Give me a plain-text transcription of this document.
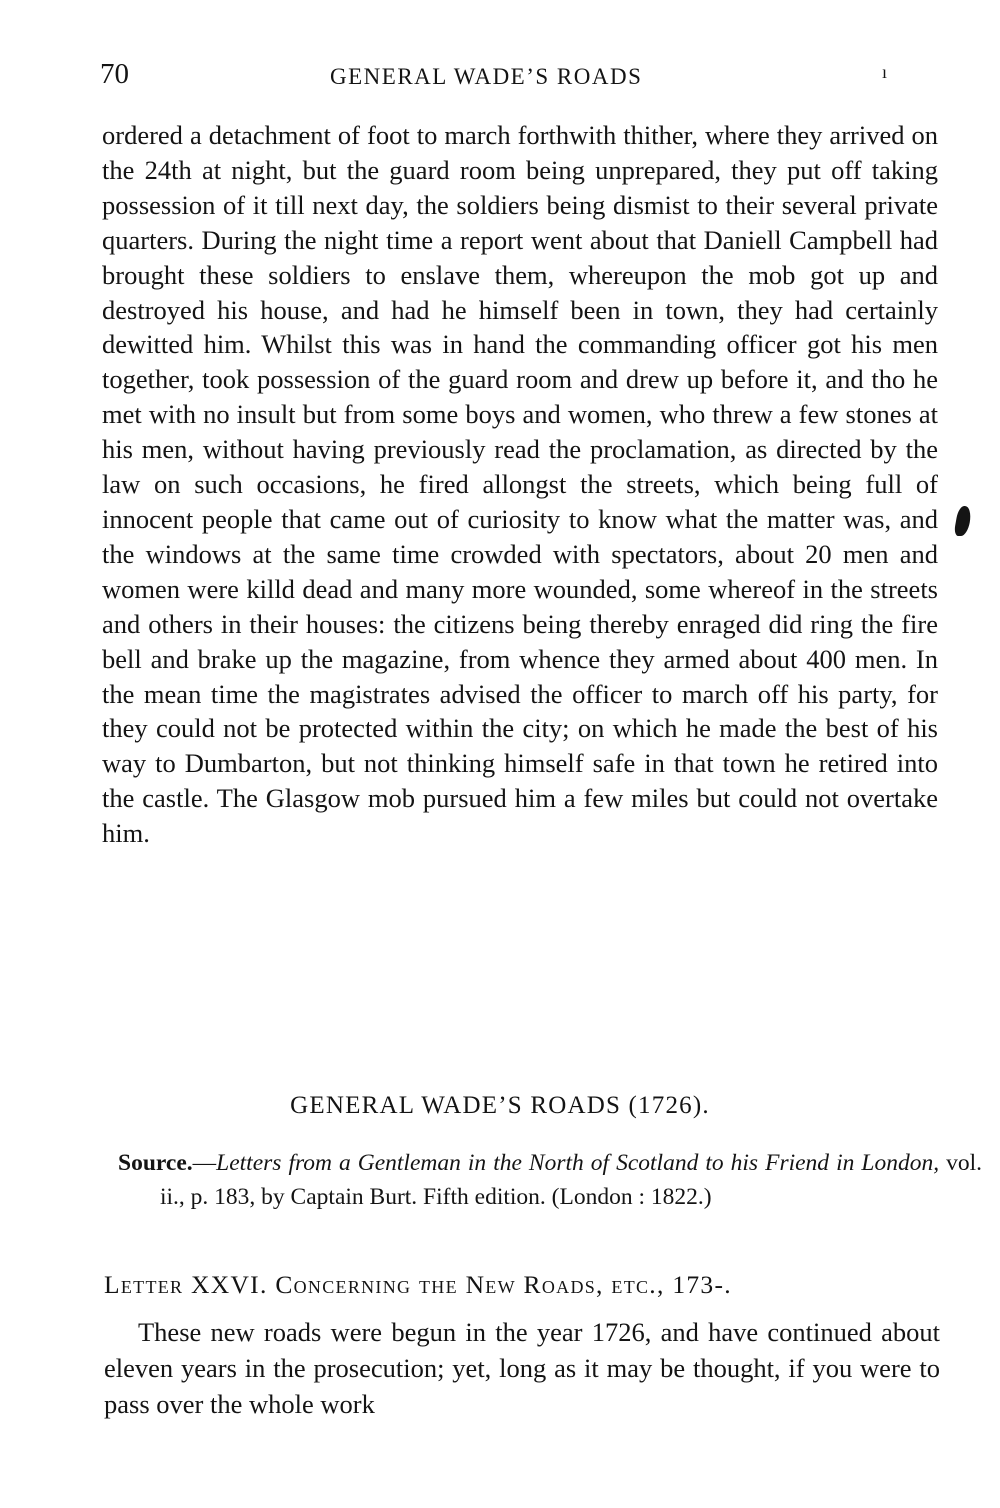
70	GENERAL WADE’S ROADS	ı

ordered a detachment of foot to march forthwith thither, where they arrived on the 24th at night, but the guard room being unprepared, they put off taking possession of it till next day, the soldiers being dismist to their several private quarters. During the night time a report went about that Daniell Campbell had brought these soldiers to enslave them, whereupon the mob got up and destroyed his house, and had he himself been in town, they had certainly dewitted him. Whilst this was in hand the commanding officer got his men together, took possession of the guard room and drew up before it, and tho he met with no insult but from some boys and women, who threw a few stones at his men, without having previously read the proclamation, as directed by the law on such occasions, he fired allongst the streets, which being full of innocent people that came out of curiosity to know what the matter was, and the windows at the same time crowded with spectators, about 20 men and women were killd dead and many more wounded, some whereof in the streets and others in their houses: the citizens being thereby enraged did ring the fire bell and brake up the magazine, from whence they armed about 400 men. In the mean time the magistrates advised the officer to march off his party, for they could not be protected within the city; on which he made the best of his way to Dumbarton, but not thinking himself safe in that town he retired into the castle. The Glasgow mob pursued him a few miles but could not overtake him.

GENERAL WADE’S ROADS (1726).

Source.—Letters from a Gentleman in the North of Scotland to his Friend in London, vol. ii., p. 183, by Captain Burt. Fifth edition. (London : 1822.)

Letter XXVI. Concerning the New Roads, etc., 173-.

These new roads were begun in the year 1726, and have continued about eleven years in the prosecution; yet, long as it may be thought, if you were to pass over the whole work
